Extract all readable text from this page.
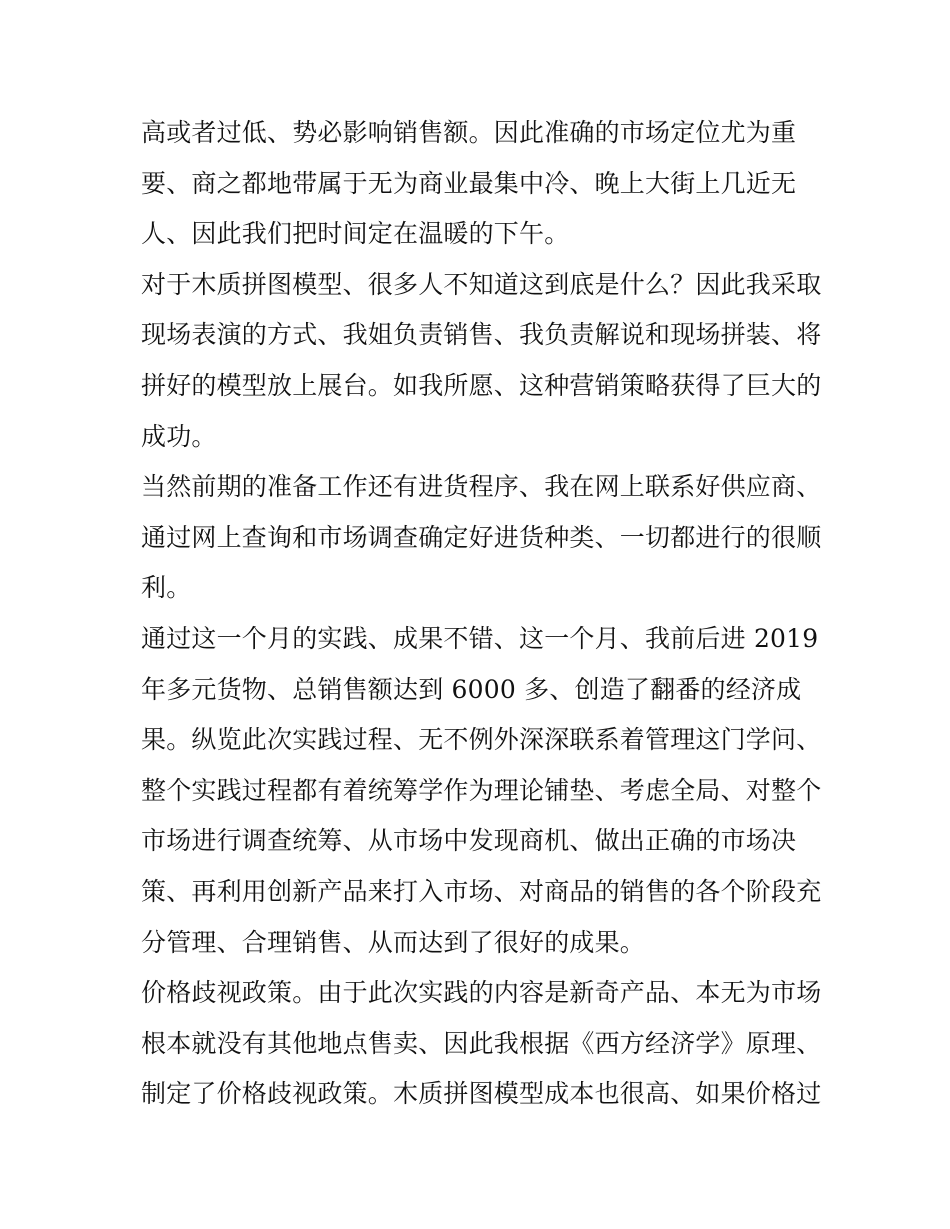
高或者过低、势必影响销售额。因此准确的市场定位尤为重
要、商之都地带属于无为商业最集中冷、晚上大街上几近无
人、因此我们把时间定在温暖的下午。
对于木质拼图模型、很多人不知道这到底是什么？因此我采取
现场表演的方式、我姐负责销售、我负责解说和现场拼装、将
拼好的模型放上展台。如我所愿、这种营销策略获得了巨大的
成功。
当然前期的准备工作还有进货程序、我在网上联系好供应商、
通过网上查询和市场调查确定好进货种类、一切都进行的很顺
利。
通过这一个月的实践、成果不错、这一个月、我前后进 2019
年多元货物、总销售额达到 6000 多、创造了翻番的经济成
果。纵览此次实践过程、无不例外深深联系着管理这门学问、
整个实践过程都有着统筹学作为理论铺垫、考虑全局、对整个
市场进行调查统筹、从市场中发现商机、做出正确的市场决
策、再利用创新产品来打入市场、对商品的销售的各个阶段充
分管理、合理销售、从而达到了很好的成果。
价格歧视政策。由于此次实践的内容是新奇产品、本无为市场
根本就没有其他地点售卖、因此我根据《西方经济学》原理、
制定了价格歧视政策。木质拼图模型成本也很高、如果价格过
